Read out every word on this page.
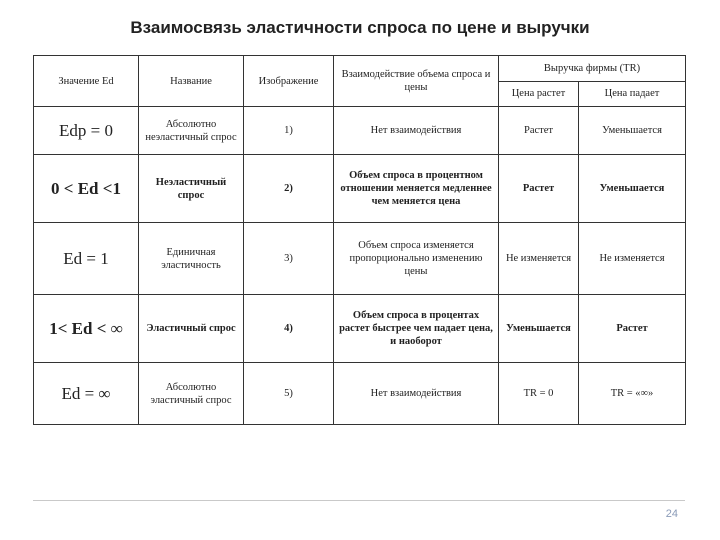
Взаимосвязь эластичности спроса по цене и выручки
Значение Ed	Название	Изображение	Взаимодействие объема спроса и цены	Выручка фирмы (TR)	
				Цена растет	Цена падает
Edp = 0	Абсолютно неэластичный спрос	1)	Нет взаимодействия	Растет	Уменьшается
0 < Ed <1	Неэластичный спрос	2)	Объем спроса в процентном отношении меняется медленнее чем меняется цена	Растет	Уменьшается
Ed = 1	Единичная эластичность	3)	Объем спроса изменяется пропорционально изменению цены	Не изменяется	Не изменяется
1< Ed < ∞	Эластичный спрос	4)	Объем спроса в процентах растет быстрее чем падает цена, и наоборот	Уменьшается	Растет
Ed = ∞	Абсолютно эластичный спрос	5)	Нет взаимодействия	TR = 0	TR = «∞»
24
